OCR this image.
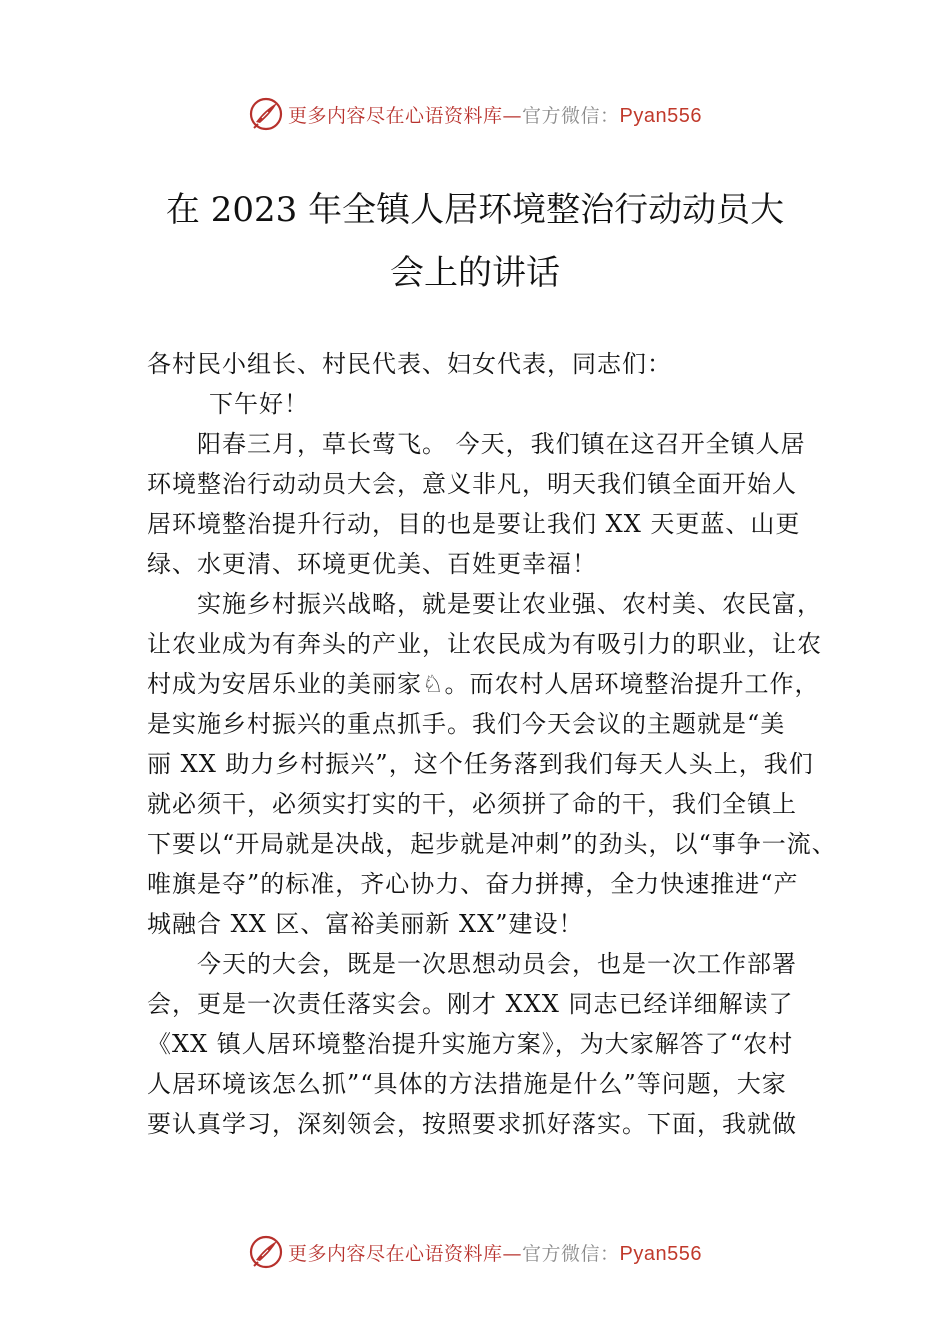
更多内容尽在心语资料库—官方微信：Pyan556
在 2023 年全镇人居环境整治行动动员大
会上的讲话
各村民小组长、村民代表、妇女代表，同志们：
下午好！
阳春三月，草长莺飞。 今天，我们镇在这召开全镇人居
环境整治行动动员大会，意义非凡，明天我们镇全面开始人
居环境整治提升行动，目的也是要让我们 XX 天更蓝、山更
绿、水更清、环境更优美、百姓更幸福！
实施乡村振兴战略，就是要让农业强、农村美、农民富，
让农业成为有奔头的产业，让农民成为有吸引力的职业，让农
村成为安居乐业的美丽家♘。而农村人居环境整治提升工作，
是实施乡村振兴的重点抓手。我们今天会议的主题就是“美
丽 XX 助力乡村振兴”，这个任务落到我们每天人头上，我们
就必须干，必须实打实的干，必须拼了命的干，我们全镇上
下要以“开局就是决战，起步就是冲刺”的劲头，以“事争一流、
唯旗是夺”的标准，齐心协力、奋力拼搏，全力快速推进“产
城融合 XX 区、富裕美丽新 XX”建设！
今天的大会，既是一次思想动员会，也是一次工作部署
会，更是一次责任落实会。刚才 XXX 同志已经详细解读了
《XX 镇人居环境整治提升实施方案》，为大家解答了“农村
人居环境该怎么抓”“具体的方法措施是什么”等问题，大家
要认真学习，深刻领会，按照要求抓好落实。下面，我就做
更多内容尽在心语资料库—官方微信：Pyan556
